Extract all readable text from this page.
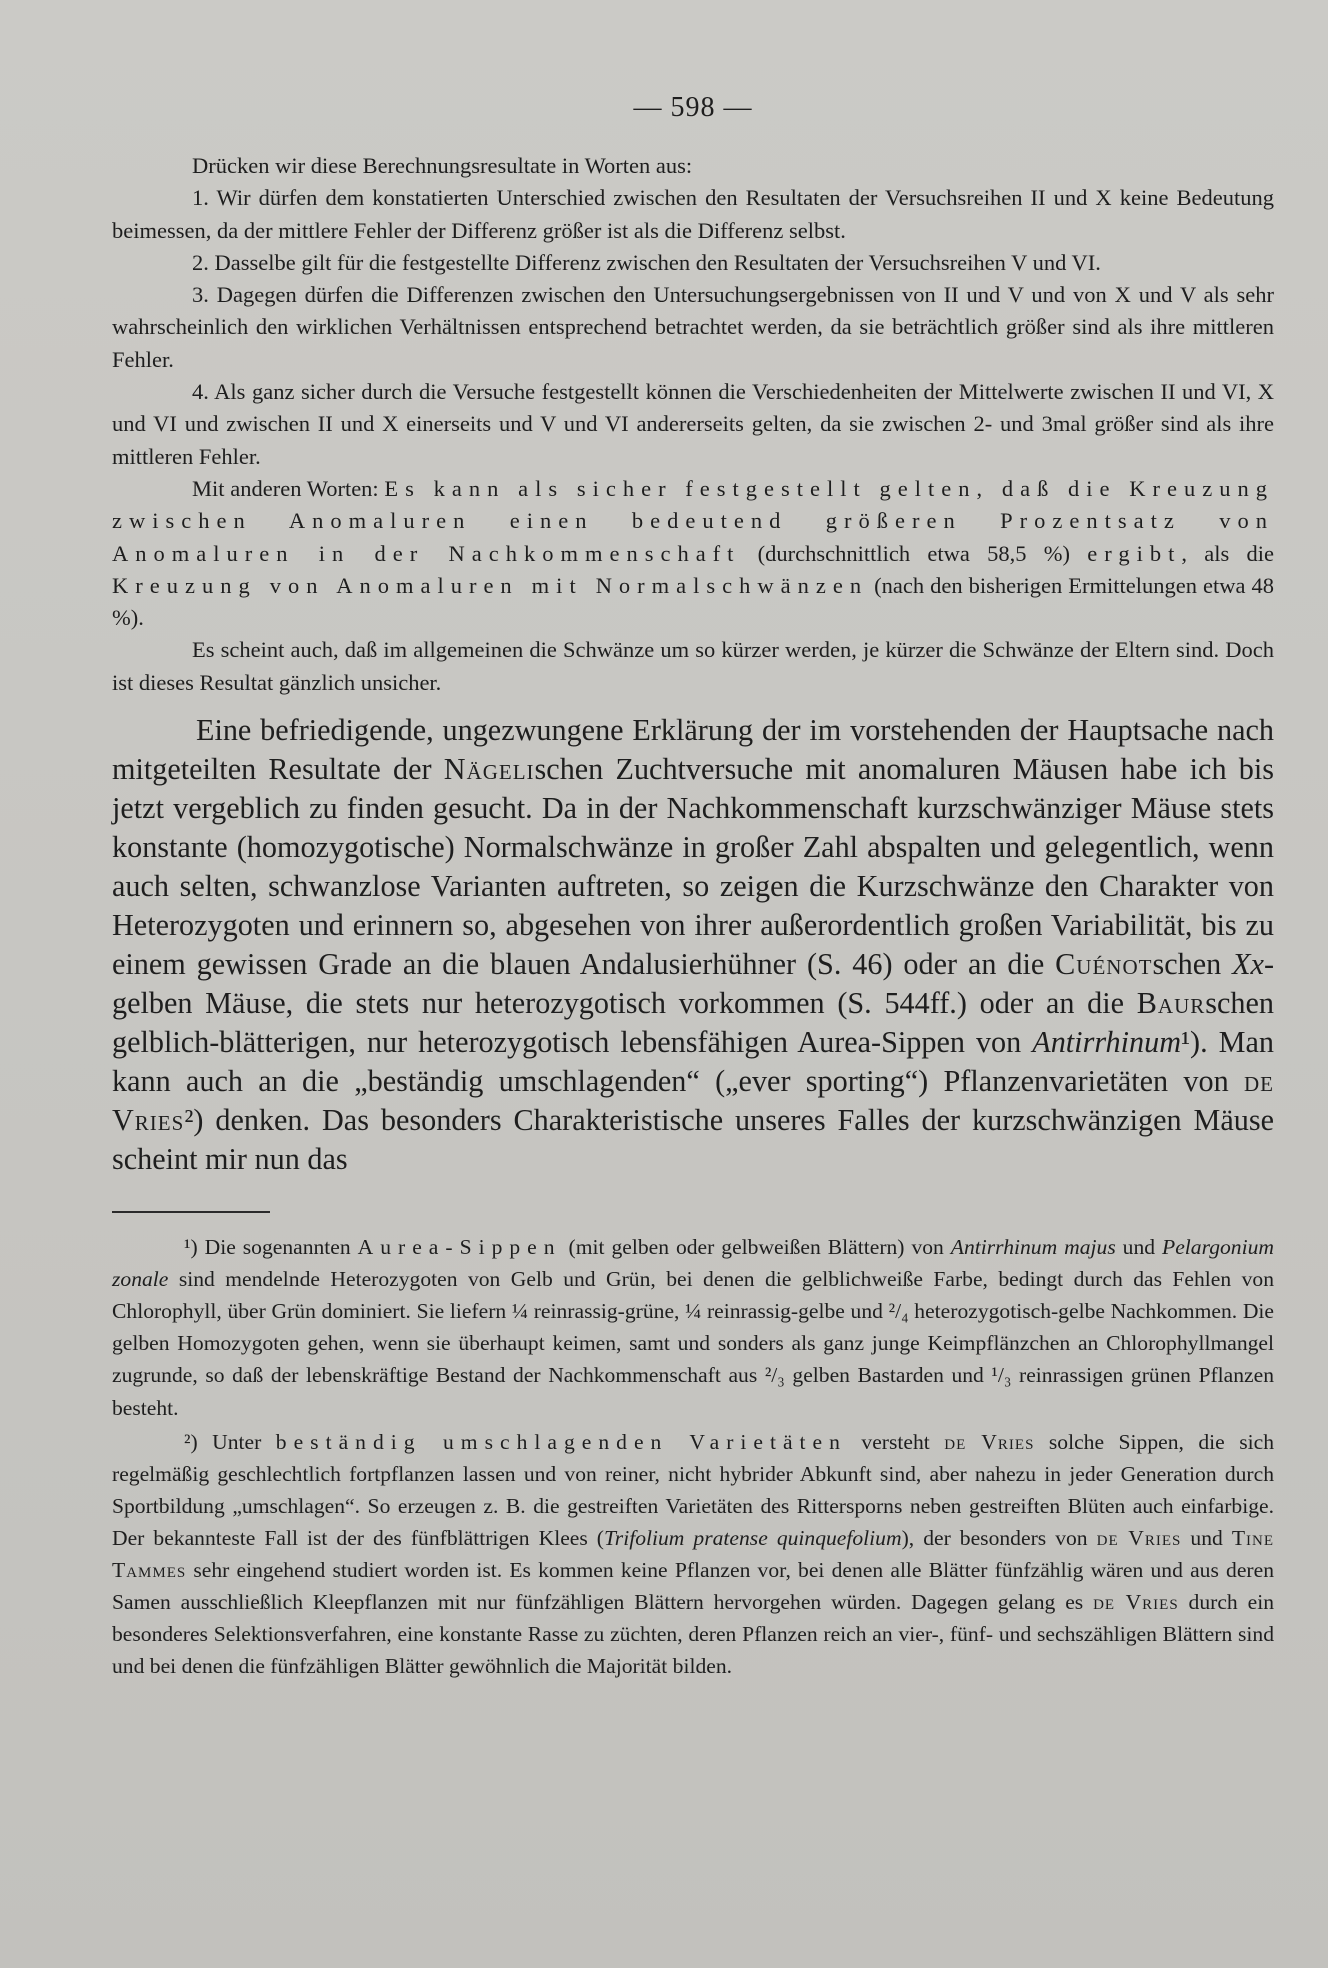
— 598 —

Drücken wir diese Berechnungsresultate in Worten aus:

1. Wir dürfen dem konstatierten Unterschied zwischen den Resultaten der Versuchsreihen II und X keine Bedeutung beimessen, da der mittlere Fehler der Differenz größer ist als die Differenz selbst.

2. Dasselbe gilt für die festgestellte Differenz zwischen den Resultaten der Versuchsreihen V und VI.

3. Dagegen dürfen die Differenzen zwischen den Untersuchungsergebnissen von II und V und von X und V als sehr wahrscheinlich den wirklichen Verhältnissen entsprechend betrachtet werden, da sie beträchtlich größer sind als ihre mittleren Fehler.

4. Als ganz sicher durch die Versuche festgestellt können die Verschiedenheiten der Mittelwerte zwischen II und VI, X und VI und zwischen II und X einerseits und V und VI andererseits gelten, da sie zwischen 2- und 3mal größer sind als ihre mittleren Fehler.

Mit anderen Worten: Es kann als sicher festgestellt gelten, daß die Kreuzung zwischen Anomaluren einen bedeutend größeren Prozentsatz von Anomaluren in der Nachkommenschaft (durchschnittlich etwa 58,5 %) ergibt, als die Kreuzung von Anomaluren mit Normalschwänzen (nach den bisherigen Ermittelungen etwa 48 %).

Es scheint auch, daß im allgemeinen die Schwänze um so kürzer werden, je kürzer die Schwänze der Eltern sind. Doch ist dieses Resultat gänzlich unsicher.

Eine befriedigende, ungezwungene Erklärung der im vorstehenden der Hauptsache nach mitgeteilten Resultate der Nägelischen Zuchtversuche mit anomaluren Mäusen habe ich bis jetzt vergeblich zu finden gesucht. Da in der Nachkommenschaft kurzschwänziger Mäuse stets konstante (homozygotische) Normalschwänze in großer Zahl abspalten und gelegentlich, wenn auch selten, schwanzlose Varianten auftreten, so zeigen die Kurzschwänze den Charakter von Heterozygoten und erinnern so, abgesehen von ihrer außerordentlich großen Variabilität, bis zu einem gewissen Grade an die blauen Andalusierhühner (S. 46) oder an die Cuénotschen Xx-gelben Mäuse, die stets nur heterozygotisch vorkommen (S. 544ff.) oder an die Baurschen gelblich-blätterigen, nur heterozygotisch lebensfähigen Aurea-Sippen von Antirrhinum¹). Man kann auch an die „beständig umschlagenden“ („ever sporting“) Pflanzenvarietäten von de Vries²) denken. Das besonders Charakteristische unseres Falles der kurzschwänzigen Mäuse scheint mir nun das

¹) Die sogenannten Aurea-Sippen (mit gelben oder gelbweißen Blättern) von Antirrhinum majus und Pelargonium zonale sind mendelnde Heterozygoten von Gelb und Grün, bei denen die gelblichweiße Farbe, bedingt durch das Fehlen von Chlorophyll, über Grün dominiert. Sie liefern ¼ reinrassig-grüne, ¼ reinrassig-gelbe und ²/₄ heterozygotisch-gelbe Nachkommen. Die gelben Homozygoten gehen, wenn sie überhaupt keimen, samt und sonders als ganz junge Keimpflänzchen an Chlorophyllmangel zugrunde, so daß der lebenskräftige Bestand der Nachkommenschaft aus ²/₃ gelben Bastarden und ¹/₃ reinrassigen grünen Pflanzen besteht.

²) Unter beständig umschlagenden Varietäten versteht de Vries solche Sippen, die sich regelmäßig geschlechtlich fortpflanzen lassen und von reiner, nicht hybrider Abkunft sind, aber nahezu in jeder Generation durch Sportbildung „umschlagen“. So erzeugen z. B. die gestreiften Varietäten des Rittersporns neben gestreiften Blüten auch einfarbige. Der bekannteste Fall ist der des fünfblättrigen Klees (Trifolium pratense quinquefolium), der besonders von de Vries und Tine Tammes sehr eingehend studiert worden ist. Es kommen keine Pflanzen vor, bei denen alle Blätter fünfzählig wären und aus deren Samen ausschließlich Kleepflanzen mit nur fünfzähligen Blättern hervorgehen würden. Dagegen gelang es de Vries durch ein besonderes Selektionsverfahren, eine konstante Rasse zu züchten, deren Pflanzen reich an vier-, fünf- und sechszähligen Blättern sind und bei denen die fünfzähligen Blätter gewöhnlich die Majorität bilden.
